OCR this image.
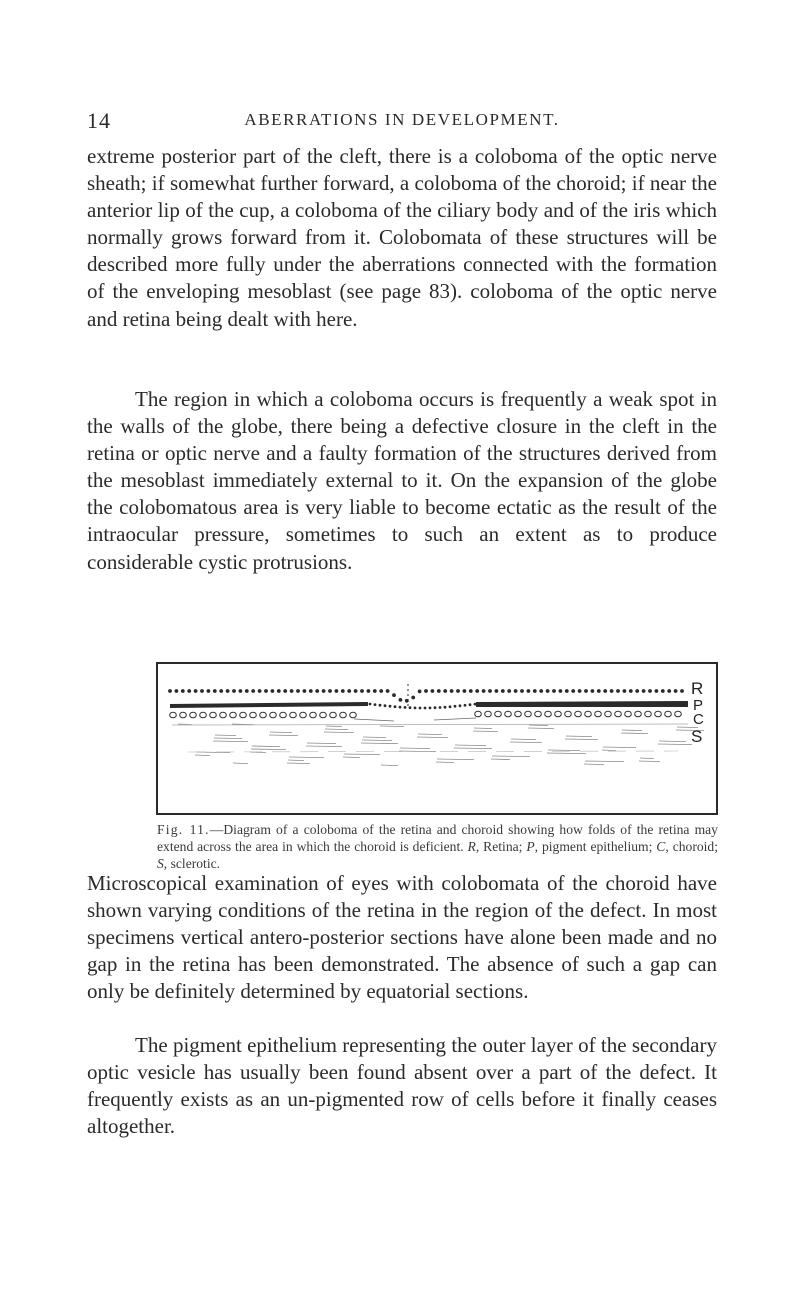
14	ABERRATIONS IN DEVELOPMENT.

extreme posterior part of the cleft, there is a coloboma of the optic nerve sheath; if somewhat further forward, a coloboma of the choroid; if near the anterior lip of the cup, a coloboma of the ciliary body and of the iris which normally grows forward from it. Colobomata of these structures will be described more fully under the aberrations connected with the formation of the enveloping mesoblast (see page 83). coloboma of the optic nerve and retina being dealt with here.

The region in which a coloboma occurs is frequently a weak spot in the walls of the globe, there being a defective closure in the cleft in the retina or optic nerve and a faulty formation of the structures derived from the mesoblast immediately external to it. On the expansion of the globe the colobomatous area is very liable to become ectatic as the result of the intraocular pressure, sometimes to such an extent as to produce considerable cystic protrusions.

R
P
C
S

Fig. 11.—Diagram of a coloboma of the retina and choroid showing how folds of the retina may extend across the area in which the choroid is deficient. R, Retina; P, pigment epithelium; C, choroid; S, sclerotic.

Microscopical examination of eyes with colobomata of the choroid have shown varying conditions of the retina in the region of the defect. In most specimens vertical antero-posterior sections have alone been made and no gap in the retina has been demonstrated. The absence of such a gap can only be definitely determined by equatorial sections.

The pigment epithelium representing the outer layer of the secondary optic vesicle has usually been found absent over a part of the defect. It frequently exists as an un-pigmented row of cells before it finally ceases altogether.
